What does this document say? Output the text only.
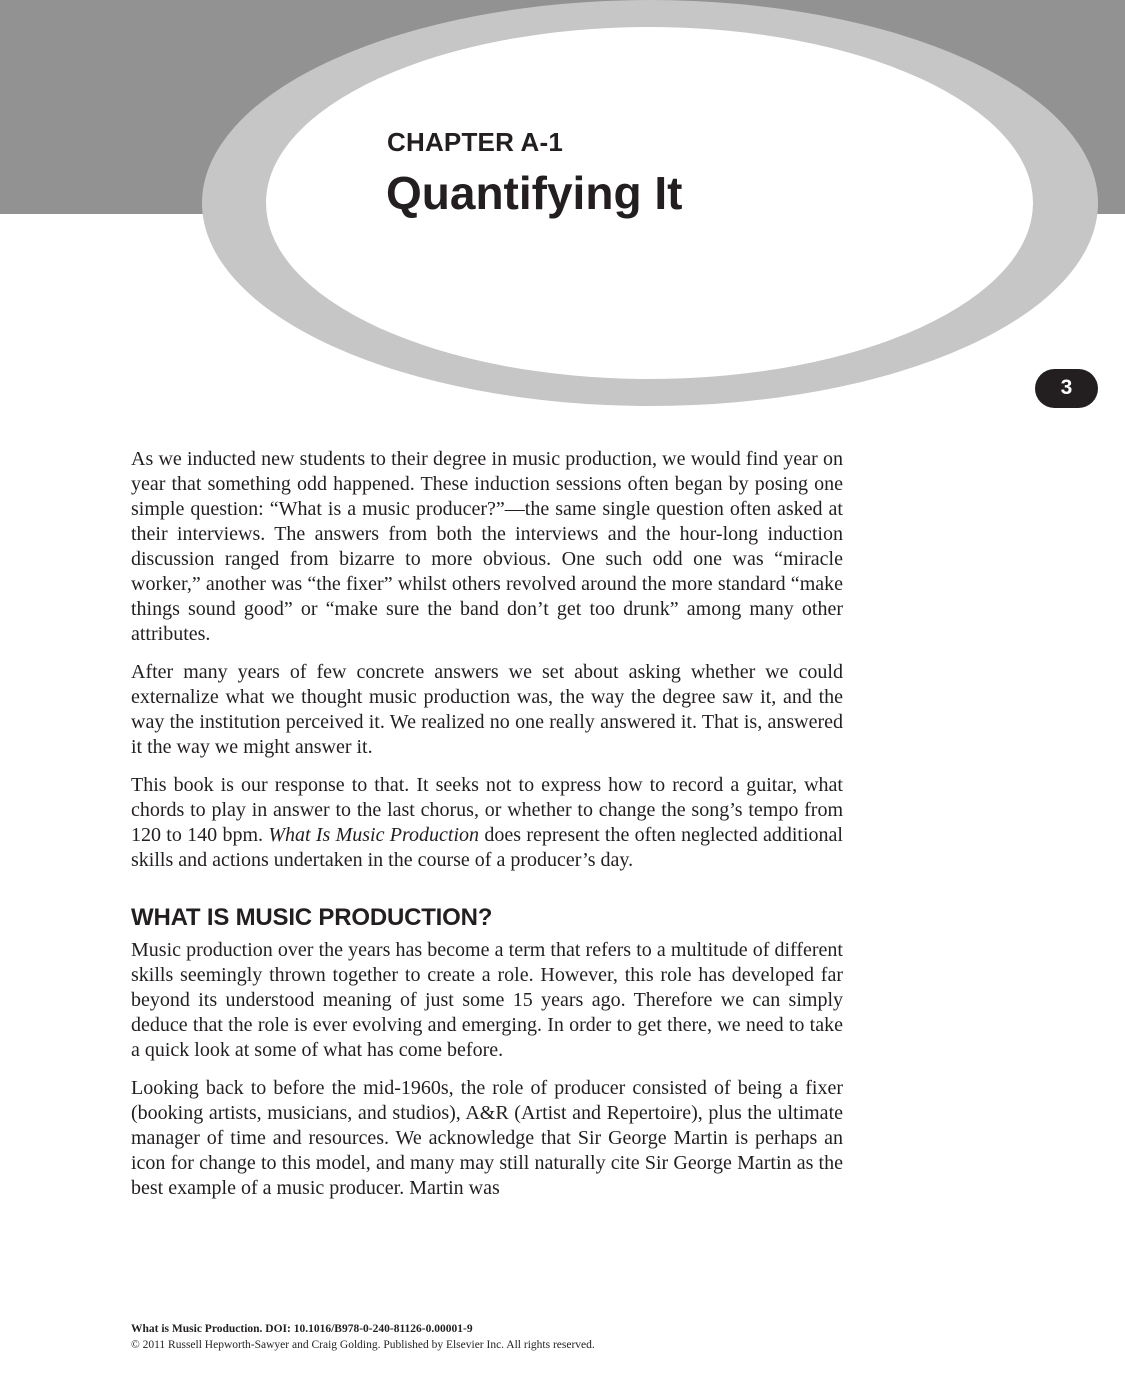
CHAPTER A-1
Quantifying It
3

As we inducted new students to their degree in music production, we would find year on year that something odd happened. These induction sessions often began by posing one simple question: “What is a music producer?”—the same single question often asked at their interviews. The answers from both the interviews and the hour-long induction discussion ranged from bizarre to more obvious. One such odd one was “miracle worker,” another was “the fixer” whilst others revolved around the more standard “make things sound good” or “make sure the band don’t get too drunk” among many other attributes.

After many years of few concrete answers we set about asking whether we could externalize what we thought music production was, the way the degree saw it, and the way the institution perceived it. We realized no one really answered it. That is, answered it the way we might answer it.

This book is our response to that. It seeks not to express how to record a guitar, what chords to play in answer to the last chorus, or whether to change the song’s tempo from 120 to 140 bpm. What Is Music Production does represent the often neglected additional skills and actions undertaken in the course of a producer’s day.

WHAT IS MUSIC PRODUCTION?

Music production over the years has become a term that refers to a multitude of different skills seemingly thrown together to create a role. However, this role has developed far beyond its understood meaning of just some 15 years ago. Therefore we can simply deduce that the role is ever evolving and emerging. In order to get there, we need to take a quick look at some of what has come before.

Looking back to before the mid-1960s, the role of producer consisted of being a fixer (booking artists, musicians, and studios), A&R (Artist and Repertoire), plus the ultimate manager of time and resources. We acknowledge that Sir George Martin is perhaps an icon for change to this model, and many may still naturally cite Sir George Martin as the best example of a music producer. Martin was

What is Music Production. DOI: 10.1016/B978-0-240-81126-0.00001-9
© 2011 Russell Hepworth-Sawyer and Craig Golding. Published by Elsevier Inc. All rights reserved.
